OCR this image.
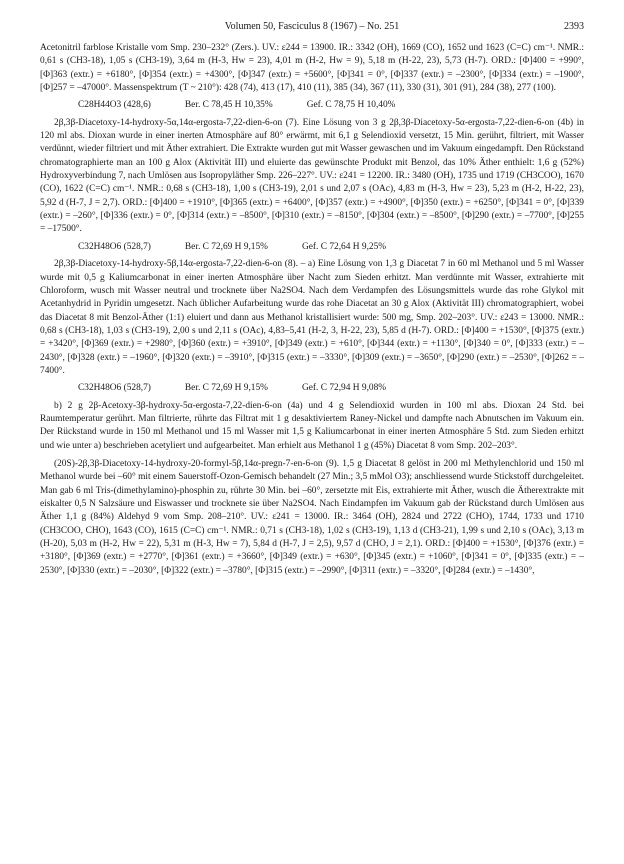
Volumen 50, Fasciculus 8 (1967) – No. 251	2393

Acetonitril farblose Kristalle vom Smp. 230–232° (Zers.). UV.: ε244 = 13900. IR.: 3342 (OH), 1669 (CO), 1652 und 1623 (C=C) cm⁻¹. NMR.: 0,61 s (CH3-18), 1,05 s (CH3-19), 3,64 m (H-3, Hw = 23), 4,01 m (H-2, Hw = 9), 5,18 m (H-22, 23), 5,73 (H-7). ORD.: [Φ]400 = +990°, [Φ]363 (extr.) = +6180°, [Φ]354 (extr.) = +4300°, [Φ]347 (extr.) = +5600°, [Φ]341 = 0°, [Φ]337 (extr.) = –2300°, [Φ]334 (extr.) = –1900°, [Φ]257 = –47000°. Massenspektrum (T ~ 210°): 428 (74), 413 (17), 410 (11), 385 (34), 367 (11), 330 (31), 301 (91), 284 (38), 277 (100).

C28H44O3 (428,6)	Ber. C 78,45 H 10,35%	Gef. C 78,75 H 10,40%

2β,3β-Diacetoxy-14-hydroxy-5α,14α-ergosta-7,22-dien-6-on (7). Eine Lösung von 3 g 2β,3β-Diacetoxy-5α-ergosta-7,22-dien-6-on (4b) in 120 ml abs. Dioxan wurde in einer inerten Atmosphäre auf 80° erwärmt, mit 6,1 g Selendioxid versetzt, 15 Min. gerührt, filtriert, mit Wasser verdünnt, wieder filtriert und mit Äther extrahiert. Die Extrakte wurden gut mit Wasser gewaschen und im Vakuum eingedampft. Den Rückstand chromatographierte man an 100 g Alox (Aktivität III) und eluierte das gewünschte Produkt mit Benzol, das 10% Äther enthielt: 1,6 g (52%) Hydroxyverbindung 7, nach Umlösen aus Isopropyläther Smp. 226–227°. UV.: ε241 = 12200. IR.: 3480 (OH), 1735 und 1719 (CH3COO), 1670 (CO), 1622 (C=C) cm⁻¹. NMR.: 0,68 s (CH3-18), 1,00 s (CH3-19), 2,01 s und 2,07 s (OAc), 4,83 m (H-3, Hw = 23), 5,23 m (H-2, H-22, 23), 5,92 d (H-7, J = 2,7). ORD.: [Φ]400 = +1910°, [Φ]365 (extr.) = +6400°, [Φ]357 (extr.) = +4900°, [Φ]350 (extr.) = +6250°, [Φ]341 = 0°, [Φ]339 (extr.) = –260°, [Φ]336 (extr.) = 0°, [Φ]314 (extr.) = –8500°, [Φ]310 (extr.) = –8150°, [Φ]304 (extr.) = –8500°, [Φ]290 (extr.) = –7700°, [Φ]255 = –17500°.

C32H48O6 (528,7)	Ber. C 72,69 H 9,15%	Gef. C 72,64 H 9,25%

2β,3β-Diacetoxy-14-hydroxy-5β,14α-ergosta-7,22-dien-6-on (8). – a) Eine Lösung von 1,3 g Diacetat 7 in 60 ml Methanol und 5 ml Wasser wurde mit 0,5 g Kaliumcarbonat in einer inerten Atmosphäre über Nacht zum Sieden erhitzt. Man verdünnte mit Wasser, extrahierte mit Chloroform, wusch mit Wasser neutral und trocknete über Na2SO4. Nach dem Verdampfen des Lösungsmittels wurde das rohe Glykol mit Acetanhydrid in Pyridin umgesetzt. Nach üblicher Aufarbeitung wurde das rohe Diacetat an 30 g Alox (Aktivität III) chromatographiert, wobei das Diacetat 8 mit Benzol-Äther (1:1) eluiert und dann aus Methanol kristallisiert wurde: 500 mg, Smp. 202–203°. UV.: ε243 = 13000. NMR.: 0,68 s (CH3-18), 1,03 s (CH3-19), 2,00 s und 2,11 s (OAc), 4,83–5,41 (H-2, 3, H-22, 23), 5,85 d (H-7). ORD.: [Φ]400 = +1530°, [Φ]375 (extr.) = +3420°, [Φ]369 (extr.) = +2980°, [Φ]360 (extr.) = +3910°, [Φ]349 (extr.) = +610°, [Φ]344 (extr.) = +1130°, [Φ]340 = 0°, [Φ]333 (extr.) = –2430°, [Φ]328 (extr.) = –1960°, [Φ]320 (extr.) = –3910°, [Φ]315 (extr.) = –3330°, [Φ]309 (extr.) = –3650°, [Φ]290 (extr.) = –2530°, [Φ]262 = –7400°.

C32H48O6 (528,7)	Ber. C 72,69 H 9,15%	Gef. C 72,94 H 9,08%

b) 2 g 2β-Acetoxy-3β-hydroxy-5α-ergosta-7,22-dien-6-on (4a) und 4 g Selendioxid wurden in 100 ml abs. Dioxan 24 Std. bei Raumtemperatur gerührt. Man filtrierte, rührte das Filtrat mit 1 g desaktiviertem Raney-Nickel und dampfte nach Abnutschen im Vakuum ein. Der Rückstand wurde in 150 ml Methanol und 15 ml Wasser mit 1,5 g Kaliumcarbonat in einer inerten Atmosphäre 5 Std. zum Sieden erhitzt und wie unter a) beschrieben acetyliert und aufgearbeitet. Man erhielt aus Methanol 1 g (45%) Diacetat 8 vom Smp. 202–203°.

(20S)-2β,3β-Diacetoxy-14-hydroxy-20-formyl-5β,14α-pregn-7-en-6-on (9). 1,5 g Diacetat 8 gelöst in 200 ml Methylenchlorid und 150 ml Methanol wurde bei –60° mit einem Sauerstoff-Ozon-Gemisch behandelt (27 Min.; 3,5 mMol O3); anschliessend wurde Stickstoff durchgeleitet. Man gab 6 ml Tris-(dimethylamino)-phosphin zu, rührte 30 Min. bei –60°, zersetzte mit Eis, extrahierte mit Äther, wusch die Ätherextrakte mit eiskalter 0,5 N Salzsäure und Eiswasser und trocknete sie über Na2SO4. Nach Eindampfen im Vakuum gab der Rückstand durch Umlösen aus Äther 1,1 g (84%) Aldehyd 9 vom Smp. 208–210°. UV.: ε241 = 13000. IR.: 3464 (OH), 2824 und 2722 (CHO), 1744, 1733 und 1710 (CH3COO, CHO), 1643 (CO), 1615 (C=C) cm⁻¹. NMR.: 0,71 s (CH3-18), 1,02 s (CH3-19), 1,13 d (CH3-21), 1,99 s und 2,10 s (OAc), 3,13 m (H-20), 5,03 m (H-2, Hw = 22), 5,31 m (H-3, Hw = 7), 5,84 d (H-7, J = 2,5), 9,57 d (CHO, J = 2,1). ORD.: [Φ]400 = +1530°, [Φ]376 (extr.) = +3180°, [Φ]369 (extr.) = +2770°, [Φ]361 (extr.) = +3660°, [Φ]349 (extr.) = +630°, [Φ]345 (extr.) = +1060°, [Φ]341 = 0°, [Φ]335 (extr.) = –2530°, [Φ]330 (extr.) = –2030°, [Φ]322 (extr.) = –3780°, [Φ]315 (extr.) = –2990°, [Φ]311 (extr.) = –3320°, [Φ]284 (extr.) = –1430°,
